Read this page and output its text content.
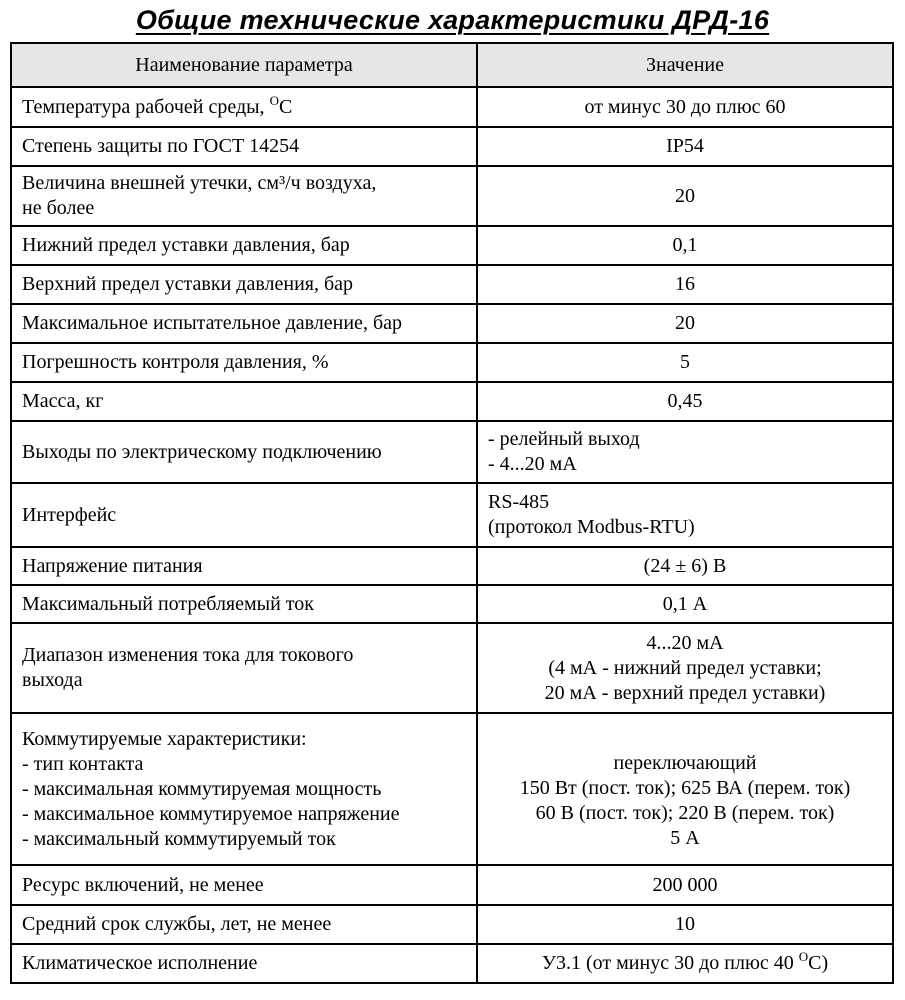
Общие технические характеристики ДРД-16
Наименование параметра	Значение

Температура рабочей среды, $^O$С	от минус 30 до плюс 60

Степень защиты по ГОСТ 14254	IP54

Величина внешней утечки, см³/ч воздуха,
не более	20

Нижний предел уставки давления, бар	0,1

Верхний предел уставки давления, бар	16

Максимальное испытательное давление, бар	20

Погрешность контроля давления, %	5

Масса, кг	0,45

Выходы по электрическому подключению	- релейный выход
- 4...20 мА

Интерфейс	RS-485
(протокол Modbus-RTU)

Напряжение питания	(24 ± 6) В

Максимальный потребляемый ток	0,1 А

Диапазон изменения тока для токового
выхода	4...20 мА
(4 мА - нижний предел уставки;
20 мА - верхний предел уставки)

Коммутируемые характеристики:
- тип контакта
- максимальная коммутируемая мощность
- максимальное коммутируемое напряжение
- максимальный коммутируемый ток	переключающий
150 Вт (пост. ток); 625 ВА (перем. ток)
60 В (пост. ток); 220 В (перем. ток)
5 А

Ресурс включений, не менее	200 000

Средний срок службы, лет, не менее	10

Климатическое исполнение	У3.1 (от минус 30 до плюс 40 $^O$С)
